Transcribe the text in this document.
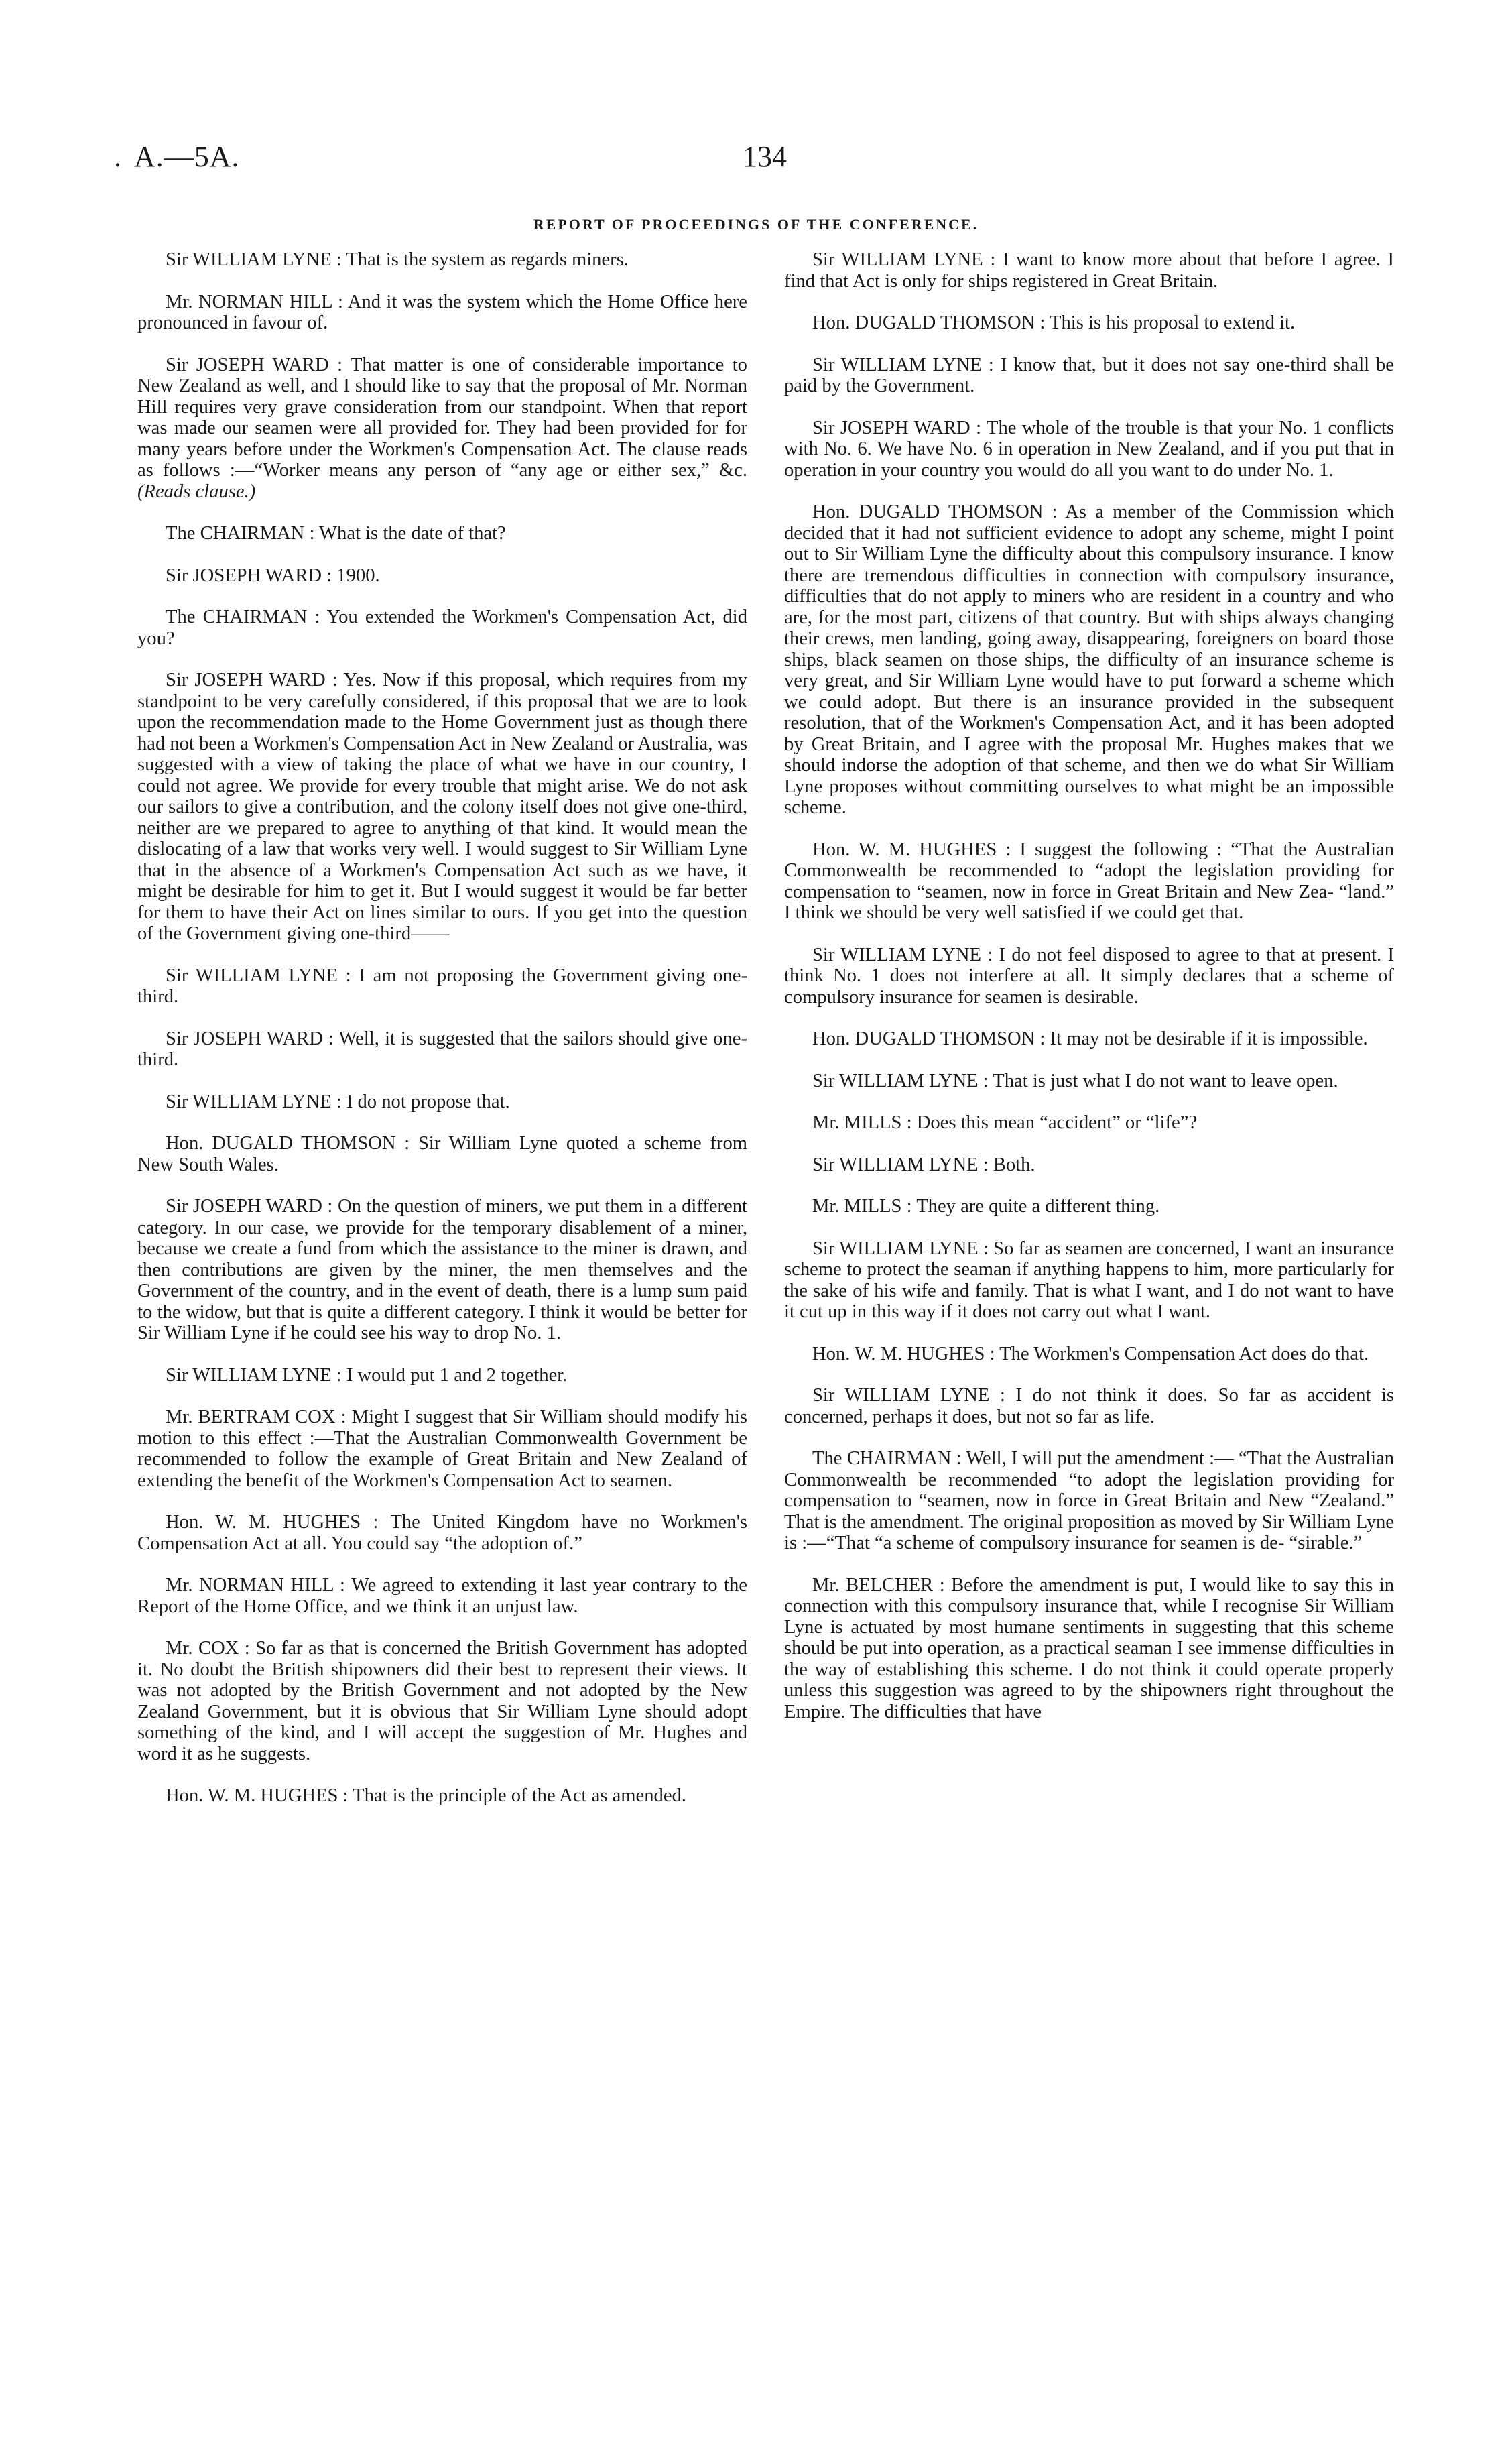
. A.—5A.	134
REPORT OF PROCEEDINGS OF THE CONFERENCE.

Sir WILLIAM LYNE : That is the system as regards miners.

Mr. NORMAN HILL : And it was the system which the Home Office here pronounced in favour of.

Sir JOSEPH WARD : That matter is one of considerable importance to New Zealand as well, and I should like to say that the proposal of Mr. Norman Hill requires very grave consideration from our standpoint. When that report was made our seamen were all provided for. They had been provided for for many years before under the Workmen's Compensation Act. The clause reads as follows :—“Worker means any person of “any age or either sex,” &c. (Reads clause.)

The CHAIRMAN : What is the date of that?

Sir JOSEPH WARD : 1900.

The CHAIRMAN : You extended the Workmen's Compensation Act, did you?

Sir JOSEPH WARD : Yes. Now if this proposal, which requires from my standpoint to be very carefully considered, if this proposal that we are to look upon the recommendation made to the Home Government just as though there had not been a Workmen's Compensation Act in New Zealand or Australia, was suggested with a view of taking the place of what we have in our country, I could not agree. We provide for every trouble that might arise. We do not ask our sailors to give a contribution, and the colony itself does not give one-third, neither are we prepared to agree to anything of that kind. It would mean the dislocating of a law that works very well. I would suggest to Sir William Lyne that in the absence of a Workmen's Compensation Act such as we have, it might be desirable for him to get it. But I would suggest it would be far better for them to have their Act on lines similar to ours. If you get into the question of the Government giving one-third——

Sir WILLIAM LYNE : I am not proposing the Government giving one-third.

Sir JOSEPH WARD : Well, it is suggested that the sailors should give one-third.

Sir WILLIAM LYNE : I do not propose that.

Hon. DUGALD THOMSON : Sir William Lyne quoted a scheme from New South Wales.

Sir JOSEPH WARD : On the question of miners, we put them in a different category. In our case, we provide for the temporary disablement of a miner, because we create a fund from which the assistance to the miner is drawn, and then contributions are given by the miner, the men themselves and the Government of the country, and in the event of death, there is a lump sum paid to the widow, but that is quite a different category. I think it would be better for Sir William Lyne if he could see his way to drop No. 1.

Sir WILLIAM LYNE : I would put 1 and 2 together.

Mr. BERTRAM COX : Might I suggest that Sir William should modify his motion to this effect :—That the Australian Commonwealth Government be recommended to follow the example of Great Britain and New Zealand of extending the benefit of the Workmen's Compensation Act to seamen.

Hon. W. M. HUGHES : The United Kingdom have no Workmen's Compensation Act at all. You could say “the adoption of.”

Mr. NORMAN HILL : We agreed to extending it last year contrary to the Report of the Home Office, and we think it an unjust law.

Mr. COX : So far as that is concerned the British Government has adopted it. No doubt the British shipowners did their best to represent their views. It was not adopted by the British Government and not adopted by the New Zealand Government, but it is obvious that Sir William Lyne should adopt something of the kind, and I will accept the suggestion of Mr. Hughes and word it as he suggests.

Hon. W. M. HUGHES : That is the principle of the Act as amended.

Sir WILLIAM LYNE : I want to know more about that before I agree. I find that Act is only for ships registered in Great Britain.

Hon. DUGALD THOMSON : This is his proposal to extend it.

Sir WILLIAM LYNE : I know that, but it does not say one-third shall be paid by the Government.

Sir JOSEPH WARD : The whole of the trouble is that your No. 1 conflicts with No. 6. We have No. 6 in operation in New Zealand, and if you put that in operation in your country you would do all you want to do under No. 1.

Hon. DUGALD THOMSON : As a member of the Commission which decided that it had not sufficient evidence to adopt any scheme, might I point out to Sir William Lyne the difficulty about this compulsory insurance. I know there are tremendous difficulties in connection with compulsory insurance, difficulties that do not apply to miners who are resident in a country and who are, for the most part, citizens of that country. But with ships always changing their crews, men landing, going away, disappearing, foreigners on board those ships, black seamen on those ships, the difficulty of an insurance scheme is very great, and Sir William Lyne would have to put forward a scheme which we could adopt. But there is an insurance provided in the subsequent resolution, that of the Workmen's Compensation Act, and it has been adopted by Great Britain, and I agree with the proposal Mr. Hughes makes that we should indorse the adoption of that scheme, and then we do what Sir William Lyne proposes without committing ourselves to what might be an impossible scheme.

Hon. W. M. HUGHES : I suggest the following : “That the Australian Commonwealth be recommended to “adopt the legislation providing for compensation to “seamen, now in force in Great Britain and New Zea- “land.” I think we should be very well satisfied if we could get that.

Sir WILLIAM LYNE : I do not feel disposed to agree to that at present. I think No. 1 does not interfere at all. It simply declares that a scheme of compulsory insurance for seamen is desirable.

Hon. DUGALD THOMSON : It may not be desirable if it is impossible.

Sir WILLIAM LYNE : That is just what I do not want to leave open.

Mr. MILLS : Does this mean “accident” or “life”?

Sir WILLIAM LYNE : Both.

Mr. MILLS : They are quite a different thing.

Sir WILLIAM LYNE : So far as seamen are concerned, I want an insurance scheme to protect the seaman if anything happens to him, more particularly for the sake of his wife and family. That is what I want, and I do not want to have it cut up in this way if it does not carry out what I want.

Hon. W. M. HUGHES : The Workmen's Compensation Act does do that.

Sir WILLIAM LYNE : I do not think it does. So far as accident is concerned, perhaps it does, but not so far as life.

The CHAIRMAN : Well, I will put the amendment :— “That the Australian Commonwealth be recommended “to adopt the legislation providing for compensation to “seamen, now in force in Great Britain and New “Zealand.” That is the amendment. The original proposition as moved by Sir William Lyne is :—“That “a scheme of compulsory insurance for seamen is de- “sirable.”

Mr. BELCHER : Before the amendment is put, I would like to say this in connection with this compulsory insurance that, while I recognise Sir William Lyne is actuated by most humane sentiments in suggesting that this scheme should be put into operation, as a practical seaman I see immense difficulties in the way of establishing this scheme. I do not think it could operate properly unless this suggestion was agreed to by the shipowners right throughout the Empire. The difficulties that have
